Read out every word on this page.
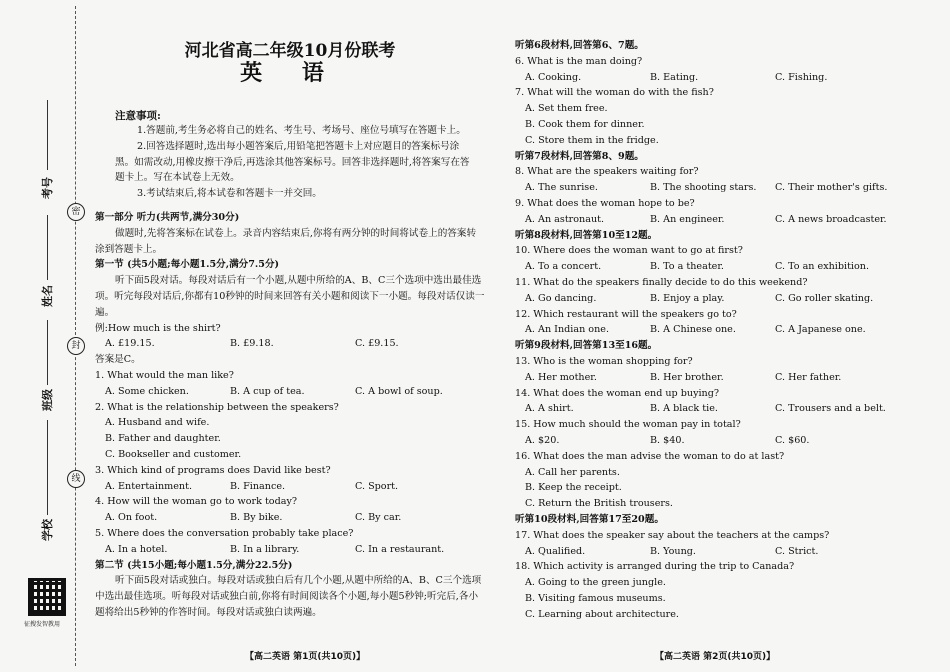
密
封
线
考号
姓名
班级
学校
征搜发智教用
河北省高二年级10月份联考
英 语
注意事项:

1.答题前,考生务必将自己的姓名、考生号、考场号、座位号填写在答题卡上。

2.回答选择题时,选出每小题答案后,用铅笔把答题卡上对应题目的答案标号涂黑。如需改动,用橡皮擦干净后,再选涂其他答案标号。回答非选择题时,将答案写在答题卡上。写在本试卷上无效。

3.考试结束后,将本试卷和答题卡一并交回。

第一部分 听力(共两节,满分30分)

做题时,先将答案标在试卷上。录音内容结束后,你将有两分钟的时间将试卷上的答案转涂到答题卡上。

第一节 (共5小题;每小题1.5分,满分7.5分)

听下面5段对话。每段对话后有一个小题,从题中所给的A、B、C三个选项中选出最佳选项。听完每段对话后,你都有10秒钟的时间来回答有关小题和阅读下一小题。每段对话仅读一遍。

例:How much is the shirt?

A. £19.15.	B. £9.18.	C. £9.15.

答案是C。

1. What would the man like?

A. Some chicken.	B. A cup of tea.	C. A bowl of soup.

2. What is the relationship between the speakers?

A. Husband and wife.

B. Father and daughter.

C. Bookseller and customer.

3. Which kind of programs does David like best?

A. Entertainment.	B. Finance.	C. Sport.

4. How will the woman go to work today?

A. On foot.	B. By bike.	C. By car.

5. Where does the conversation probably take place?

A. In a hotel.	B. In a library.	C. In a restaurant.

第二节 (共15小题;每小题1.5分,满分22.5分)

听下面5段对话或独白。每段对话或独白后有几个小题,从题中所给的A、B、C三个选项中选出最佳选项。听每段对话或独白前,你将有时间阅读各个小题,每小题5秒钟;听完后,各小题将给出5秒钟的作答时间。每段对话或独白读两遍。

【高二英语 第1页(共10页)】

听第6段材料,回答第6、7题。

6. What is the man doing?

A. Cooking.	B. Eating.	C. Fishing.

7. What will the woman do with the fish?

A. Set them free.

B. Cook them for dinner.

C. Store them in the fridge.

听第7段材料,回答第8、9题。

8. What are the speakers waiting for?

A. The sunrise.	B. The shooting stars.	C. Their mother's gifts.

9. What does the woman hope to be?

A. An astronaut.	B. An engineer.	C. A news broadcaster.

听第8段材料,回答第10至12题。

10. Where does the woman want to go at first?

A. To a concert.	B. To a theater.	C. To an exhibition.

11. What do the speakers finally decide to do this weekend?

A. Go dancing.	B. Enjoy a play.	C. Go roller skating.

12. Which restaurant will the speakers go to?

A. An Indian one.	B. A Chinese one.	C. A Japanese one.

听第9段材料,回答第13至16题。

13. Who is the woman shopping for?

A. Her mother.	B. Her brother.	C. Her father.

14. What does the woman end up buying?

A. A shirt.	B. A black tie.	C. Trousers and a belt.

15. How much should the woman pay in total?

A. $20.	B. $40.	C. $60.

16. What does the man advise the woman to do at last?

A. Call her parents.

B. Keep the receipt.

C. Return the British trousers.

听第10段材料,回答第17至20题。

17. What does the speaker say about the teachers at the camps?

A. Qualified.	B. Young.	C. Strict.

18. Which activity is arranged during the trip to Canada?

A. Going to the green jungle.

B. Visiting famous museums.

C. Learning about architecture.

【高二英语 第2页(共10页)】
